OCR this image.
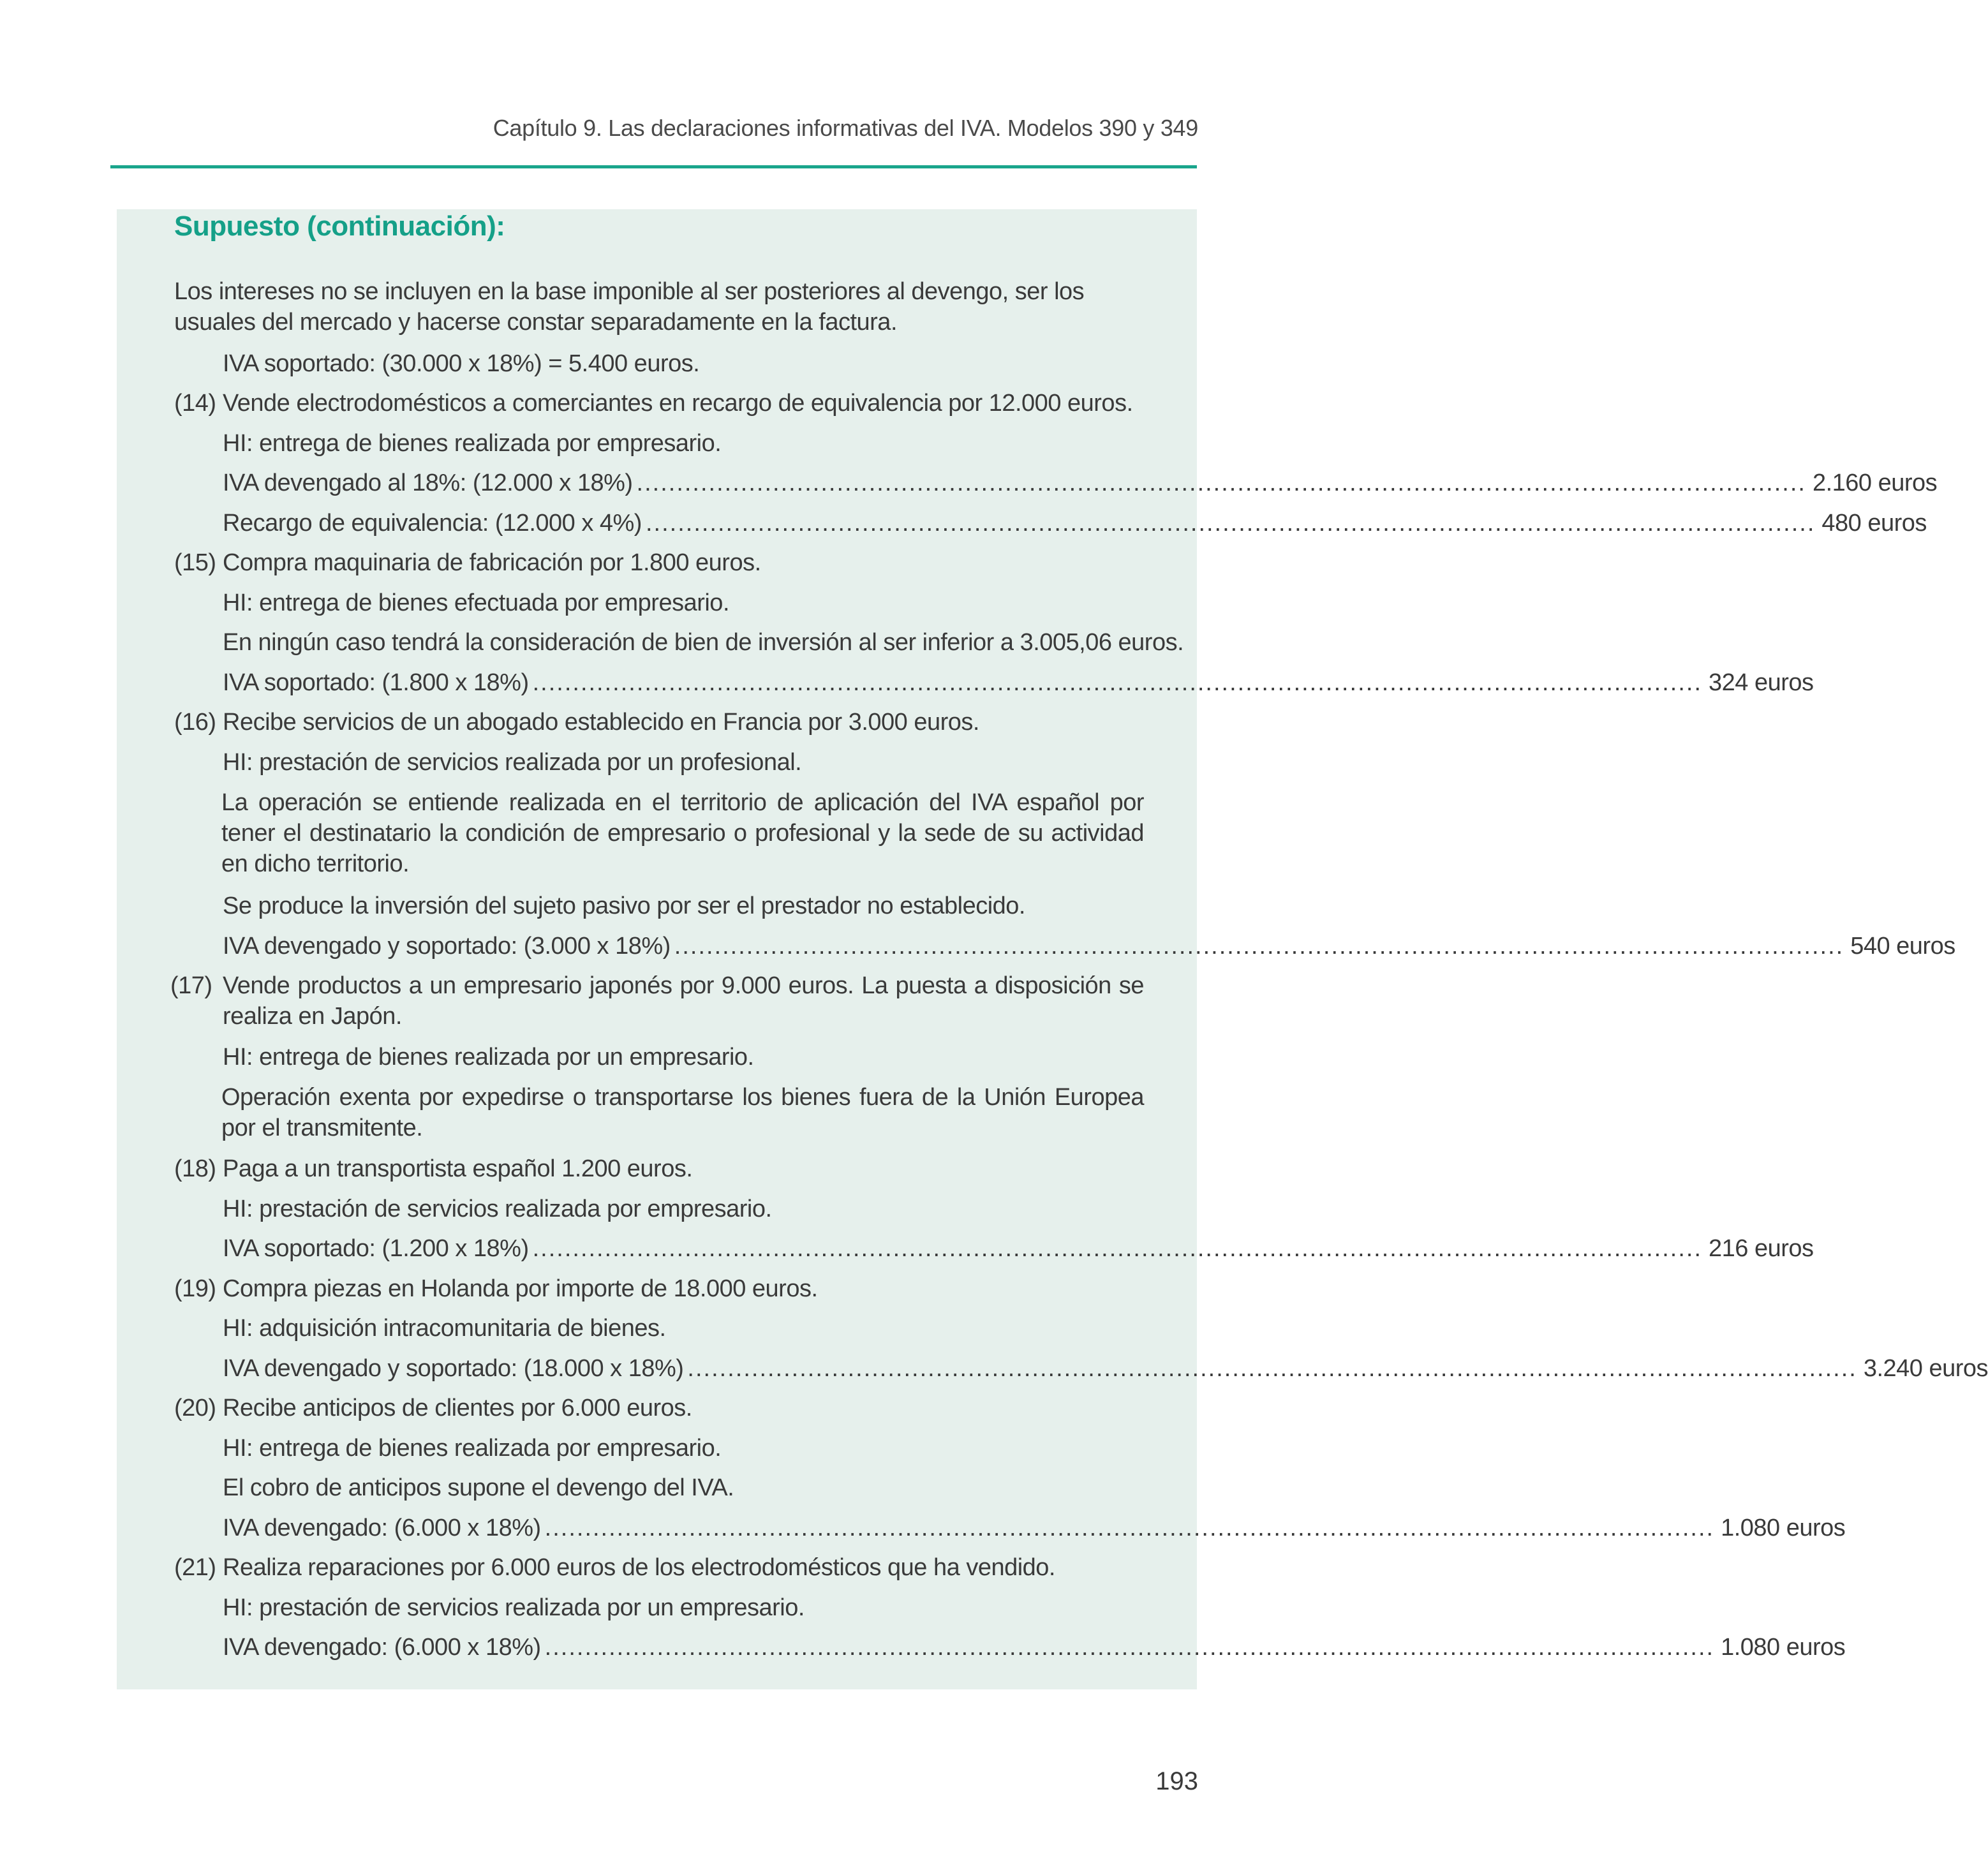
Capítulo 9. Las declaraciones informativas del IVA. Modelos 390 y 349
Supuesto (continuación):
Los intereses no se incluyen en la base imponible al ser posteriores al devengo, ser los usuales del mercado y hacerse constar separadamente en la factura.
IVA soportado: (30.000 x 18%) = 5.400 euros.
(14) Vende electrodomésticos a comerciantes en recargo de equivalencia por 12.000 euros.
HI: entrega de bienes realizada por empresario.
IVA devengado al 18%: (12.000 x 18%) .................................................................................................................................................. 2.160 euros
Recargo de equivalencia: (12.000 x 4%) .................................................................................................................................................. 480 euros
(15) Compra maquinaria de fabricación por 1.800 euros.
HI: entrega de bienes efectuada por empresario.
En ningún caso tendrá la consideración de bien de inversión al ser inferior a 3.005,06 euros.
IVA soportado: (1.800 x 18%) .................................................................................................................................................. 324 euros
(16) Recibe servicios de un abogado establecido en Francia por 3.000 euros.
HI: prestación de servicios realizada por un profesional.
La operación se entiende realizada en el territorio de aplicación del IVA español por tener el destinatario la condición de empresario o profesional y la sede de su actividad en dicho territorio.
Se produce la inversión del sujeto pasivo por ser el prestador no establecido.
IVA devengado y soportado: (3.000 x 18%) .................................................................................................................................................. 540 euros
(17) Vende productos a un empresario japonés por 9.000 euros. La puesta a disposición se realiza en Japón.
HI: entrega de bienes realizada por un empresario.
Operación exenta por expedirse o transportarse los bienes fuera de la Unión Europea por el transmitente.
(18) Paga a un transportista español 1.200 euros.
HI: prestación de servicios realizada por empresario.
IVA soportado: (1.200 x 18%) .................................................................................................................................................. 216 euros
(19) Compra piezas en Holanda por importe de 18.000 euros.
HI: adquisición intracomunitaria de bienes.
IVA devengado y soportado: (18.000 x 18%) .................................................................................................................................................. 3.240 euros
(20) Recibe anticipos de clientes por 6.000 euros.
HI: entrega de bienes realizada por empresario.
El cobro de anticipos supone el devengo del IVA.
IVA devengado: (6.000 x 18%) .................................................................................................................................................. 1.080 euros
(21) Realiza reparaciones por 6.000 euros de los electrodomésticos que ha vendido.
HI: prestación de servicios realizada por un empresario.
IVA devengado: (6.000 x 18%) .................................................................................................................................................. 1.080 euros
193
